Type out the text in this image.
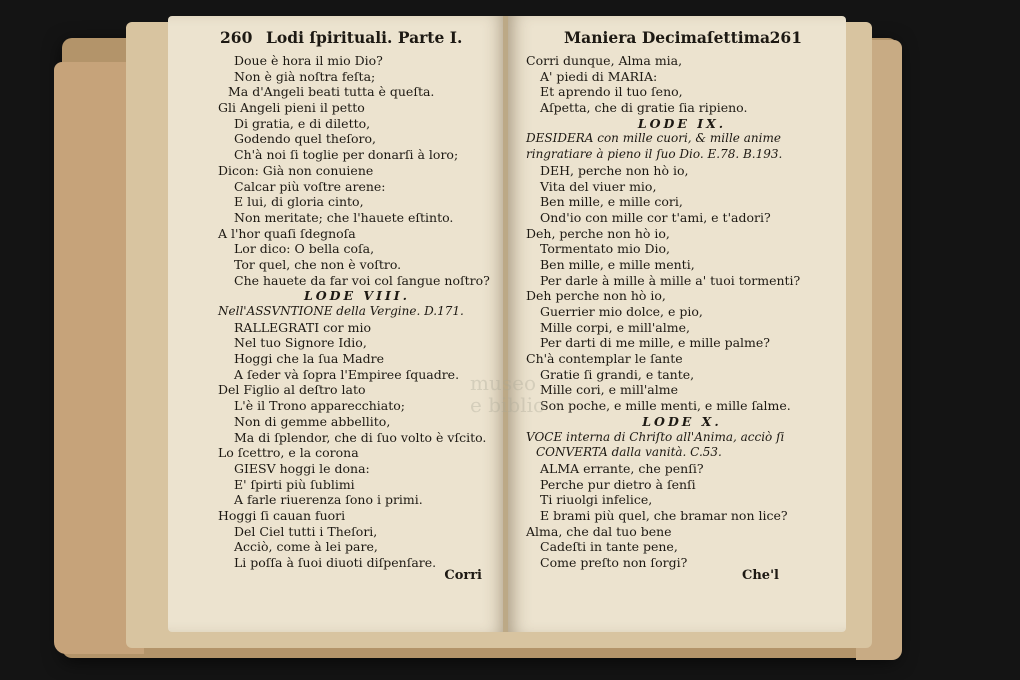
260 Lodi ſpirituali. Parte I.
Doue è hora il mio Dio?
Non è già noſtra feſta;
Ma d'Angeli beati tutta è queſta.
Gli Angeli pieni il petto
Di gratia, e di diletto,
Godendo quel theſoro,
Ch'à noi ſi toglie per donarſi à loro;
Dicon: Già non conuiene
Calcar più voſtre arene:
E lui, di gloria cinto,
Non meritate; che l'hauete eſtinto.
A l'hor quaſi ſdegnoſa
Lor dico: O bella coſa,
Tor quel, che non è voſtro.
Che hauete da far voi col ſangue noſtro?
LODE VIII.
Nell'ASSVNTIONE della Vergine. D.171.
RALLEGRATI cor mio
Nel tuo Signore Idio,
Hoggi che la ſua Madre
A ſeder và ſopra l'Empiree ſquadre.
Del Figlio al deſtro lato
L'è il Trono apparecchiato;
Non di gemme abbellito,
Ma di ſplendor, che di ſuo volto è vſcito.
Lo ſcettro, e la corona
GIESV hoggi le dona:
E' ſpirti più ſublimi
A farle riuerenza ſono i primi.
Hoggi ſi cauan fuori
Del Ciel tutti i Theſori,
Acciò, come à lei pare,
Li poſſa à ſuoi diuoti diſpenſare.
Corri
Maniera Decimaſettima.
261
Corri dunque, Alma mia,
A' piedi di MARIA:
Et aprendo il tuo ſeno,
Aſpetta, che di gratie ſia ripieno.
LODE IX.
DESIDERA con mille cuori, & mille anime
ringratiare à pieno il ſuo Dio. E.78. B.193.
DEH, perche non hò io,
Vita del viuer mio,
Ben mille, e mille cori,
Ond'io con mille cor t'ami, e t'adori?
Deh, perche non hò io,
Tormentato mio Dio,
Ben mille, e mille menti,
Per darle à mille à mille a' tuoi tormenti?
Deh perche non hò io,
Guerrier mio dolce, e pio,
Mille corpi, e mill'alme,
Per darti di me mille, e mille palme?
Ch'à contemplar le ſante
Gratie ſi grandi, e tante,
Mille cori, e mill'alme
Son poche, e mille menti, e mille ſalme.
LODE X.
VOCE interna di Chriſto all'Anima, acciò ſi
CONVERTA dalla vanità. C.53.
ALMA errante, che penſi?
Perche pur dietro à ſenſi
Ti riuolgi infelice,
E brami più quel, che bramar non lice?
Alma, che dal tuo bene
Cadeſti in tante pene,
Come preſto non ſorgi?
Che'l
museo
e biblio
